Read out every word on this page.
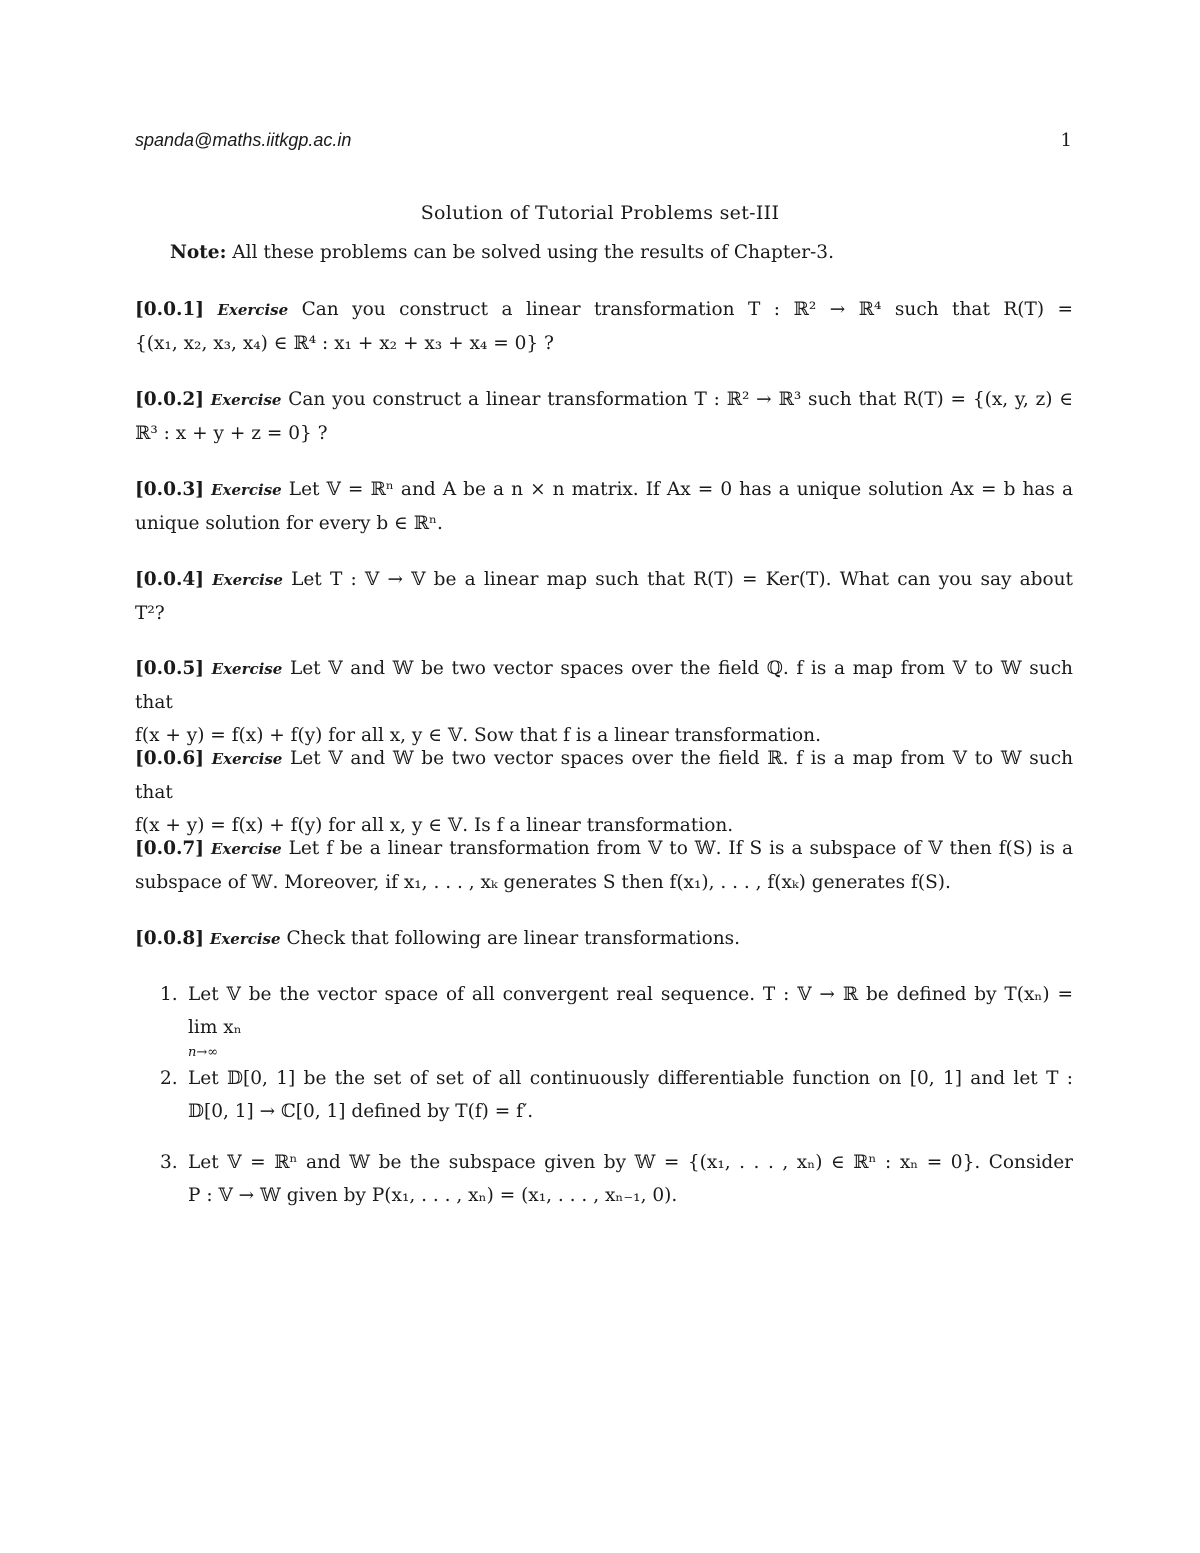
spanda@maths.iitkgp.ac.in	1
Solution of Tutorial Problems set-III
Note: All these problems can be solved using the results of Chapter-3.
[0.0.1] Exercise Can you construct a linear transformation T : ℝ² → ℝ⁴ such that R(T) =
{(x₁, x₂, x₃, x₄) ∈ ℝ⁴ : x₁ + x₂ + x₃ + x₄ = 0} ?
[0.0.2] Exercise Can you construct a linear transformation T : ℝ² → ℝ³ such that R(T) = {(x, y, z) ∈
ℝ³ : x + y + z = 0} ?
[0.0.3] Exercise Let 𝕍 = ℝⁿ and A be a n × n matrix. If Ax = 0 has a unique solution Ax = b has a
unique solution for every b ∈ ℝⁿ.
[0.0.4] Exercise Let T : 𝕍 → 𝕍 be a linear map such that R(T) = Ker(T). What can you say about
T²?
[0.0.5] Exercise Let 𝕍 and 𝕎 be two vector spaces over the field ℚ. f is a map from 𝕍 to 𝕎 such that
f(x + y) = f(x) + f(y) for all x, y ∈ 𝕍. Sow that f is a linear transformation.
[0.0.6] Exercise Let 𝕍 and 𝕎 be two vector spaces over the field ℝ. f is a map from 𝕍 to 𝕎 such that
f(x + y) = f(x) + f(y) for all x, y ∈ 𝕍. Is f a linear transformation.
[0.0.7] Exercise Let f be a linear transformation from 𝕍 to 𝕎. If S is a subspace of 𝕍 then f(S) is a
subspace of 𝕎. Moreover, if x₁, . . . , xₖ generates S then f(x₁), . . . , f(xₖ) generates f(S).
[0.0.8] Exercise Check that following are linear transformations.
1. Let 𝕍 be the vector space of all convergent real sequence. T : 𝕍 → ℝ be defined by T(xₙ) =
lim xₙ
n→∞
2. Let 𝔻[0, 1] be the set of set of all continuously differentiable function on [0, 1] and let T :
𝔻[0, 1] → ℂ[0, 1] defined by T(f) = f′.
3. Let 𝕍 = ℝⁿ and 𝕎 be the subspace given by 𝕎 = {(x₁, . . . , xₙ) ∈ ℝⁿ : xₙ = 0}. Consider
P : 𝕍 → 𝕎 given by P(x₁, . . . , xₙ) = (x₁, . . . , xₙ₋₁, 0).
